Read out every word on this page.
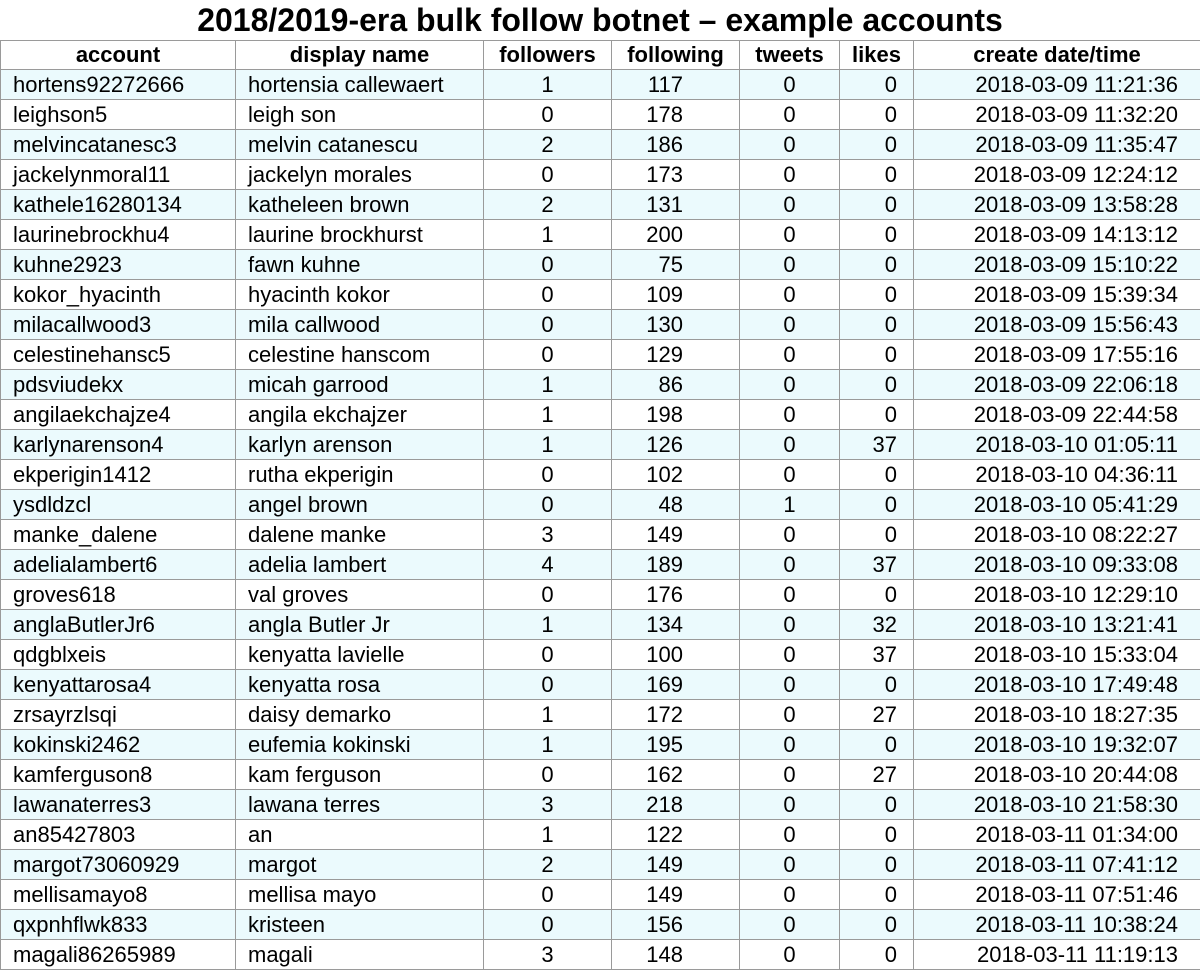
2018/2019-era bulk follow botnet – example accounts
account	display name	followers	following	tweets	likes	create date/time
hortens92272666	hortensia callewaert	1	117	0	0	2018-03-09 11:21:36
leighson5	leigh son	0	178	0	0	2018-03-09 11:32:20
melvincatanesc3	melvin catanescu	2	186	0	0	2018-03-09 11:35:47
jackelynmoral11	jackelyn morales	0	173	0	0	2018-03-09 12:24:12
kathele16280134	katheleen brown	2	131	0	0	2018-03-09 13:58:28
laurinebrockhu4	laurine brockhurst	1	200	0	0	2018-03-09 14:13:12
kuhne2923	fawn kuhne	0	75	0	0	2018-03-09 15:10:22
kokor_hyacinth	hyacinth kokor	0	109	0	0	2018-03-09 15:39:34
milacallwood3	mila callwood	0	130	0	0	2018-03-09 15:56:43
celestinehansc5	celestine hanscom	0	129	0	0	2018-03-09 17:55:16
pdsviudekx	micah garrood	1	86	0	0	2018-03-09 22:06:18
angilaekchajze4	angila ekchajzer	1	198	0	0	2018-03-09 22:44:58
karlynarenson4	karlyn arenson	1	126	0	37	2018-03-10 01:05:11
ekperigin1412	rutha ekperigin	0	102	0	0	2018-03-10 04:36:11
ysdldzcl	angel brown	0	48	1	0	2018-03-10 05:41:29
manke_dalene	dalene manke	3	149	0	0	2018-03-10 08:22:27
adelialambert6	adelia lambert	4	189	0	37	2018-03-10 09:33:08
groves618	val groves	0	176	0	0	2018-03-10 12:29:10
anglaButlerJr6	angla Butler Jr	1	134	0	32	2018-03-10 13:21:41
qdgblxeis	kenyatta lavielle	0	100	0	37	2018-03-10 15:33:04
kenyattarosa4	kenyatta rosa	0	169	0	0	2018-03-10 17:49:48
zrsayrzlsqi	daisy demarko	1	172	0	27	2018-03-10 18:27:35
kokinski2462	eufemia kokinski	1	195	0	0	2018-03-10 19:32:07
kamferguson8	kam ferguson	0	162	0	27	2018-03-10 20:44:08
lawanaterres3	lawana terres	3	218	0	0	2018-03-10 21:58:30
an85427803	an	1	122	0	0	2018-03-11 01:34:00
margot73060929	margot	2	149	0	0	2018-03-11 07:41:12
mellisamayo8	mellisa mayo	0	149	0	0	2018-03-11 07:51:46
qxpnhflwk833	kristeen	0	156	0	0	2018-03-11 10:38:24
magali86265989	magali	3	148	0	0	2018-03-11 11:19:13
